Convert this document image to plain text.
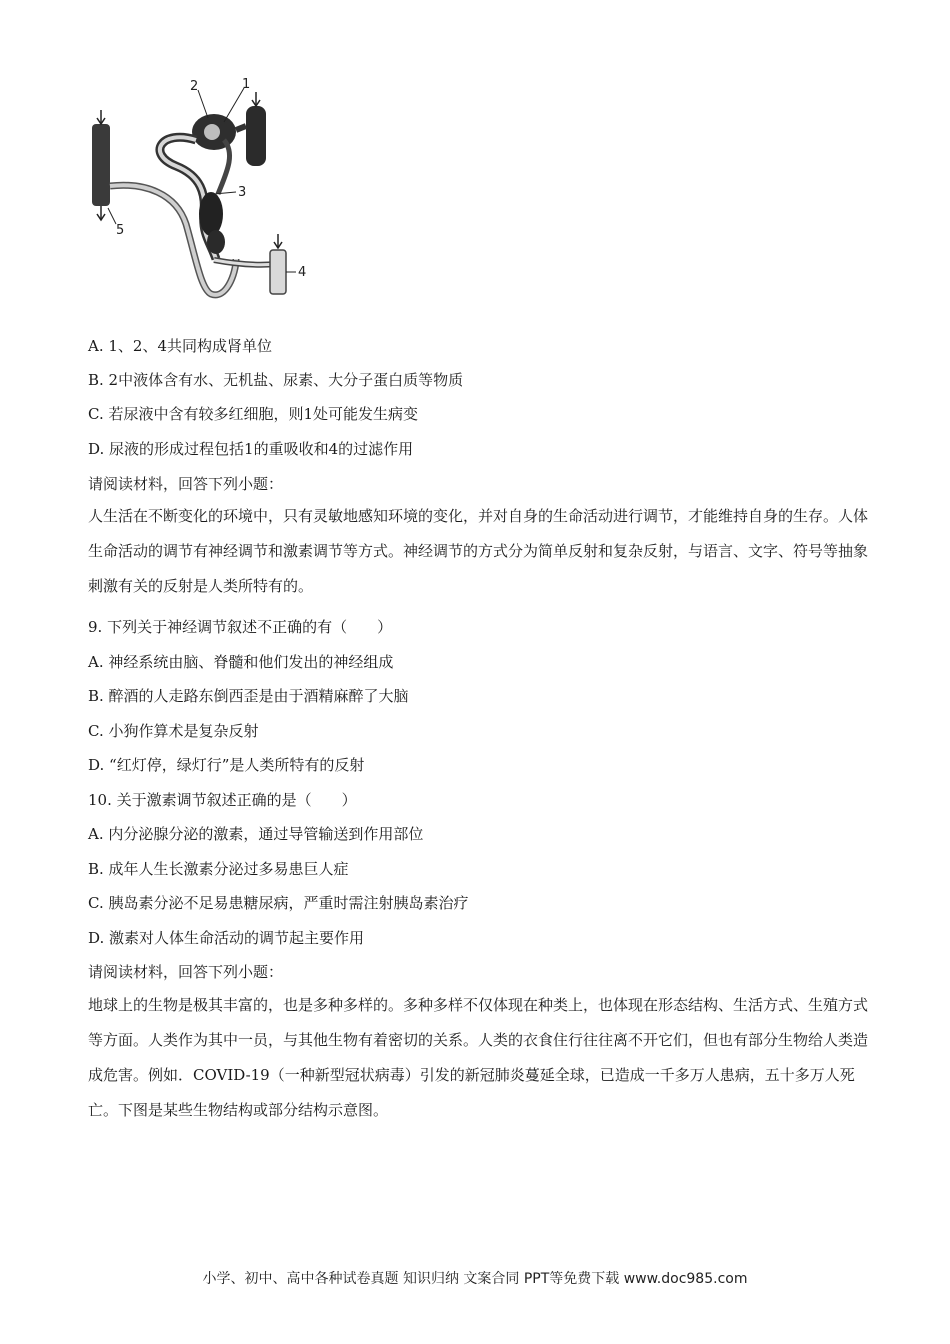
2	1
3
5
4
A. 1、2、4共同构成肾单位
B. 2中液体含有水、无机盐、尿素、大分子蛋白质等物质
C. 若尿液中含有较多红细胞，则1处可能发生病变
D. 尿液的形成过程包括1的重吸收和4的过滤作用
请阅读材料，回答下列小题：
人生活在不断变化的环境中，只有灵敏地感知环境的变化，并对自身的生命活动进行调节，才能维持自身的生存。人体生命活动的调节有神经调节和激素调节等方式。神经调节的方式分为简单反射和复杂反射，与语言、文字、符号等抽象刺激有关的反射是人类所特有的。
9. 下列关于神经调节叙述不正确的有（　　）
A. 神经系统由脑、脊髓和他们发出的神经组成
B. 醉酒的人走路东倒西歪是由于酒精麻醉了大脑
C. 小狗作算术是复杂反射
D. “红灯停，绿灯行”是人类所特有的反射
10. 关于激素调节叙述正确的是（　　）
A. 内分泌腺分泌的激素，通过导管输送到作用部位
B. 成年人生长激素分泌过多易患巨人症
C. 胰岛素分泌不足易患糖尿病，严重时需注射胰岛素治疗
D. 激素对人体生命活动的调节起主要作用
请阅读材料，回答下列小题：
地球上的生物是极其丰富的，也是多种多样的。多种多样不仅体现在种类上，也体现在形态结构、生活方式、生殖方式等方面。人类作为其中一员，与其他生物有着密切的关系。人类的衣食住行往往离不开它们，但也有部分生物给人类造成危害。例如．COVID-19（一种新型冠状病毒）引发的新冠肺炎蔓延全球，已造成一千多万人患病，五十多万人死亡。下图是某些生物结构或部分结构示意图。
小学、初中、高中各种试卷真题 知识归纳 文案合同 PPT等免费下载 www.doc985.com
